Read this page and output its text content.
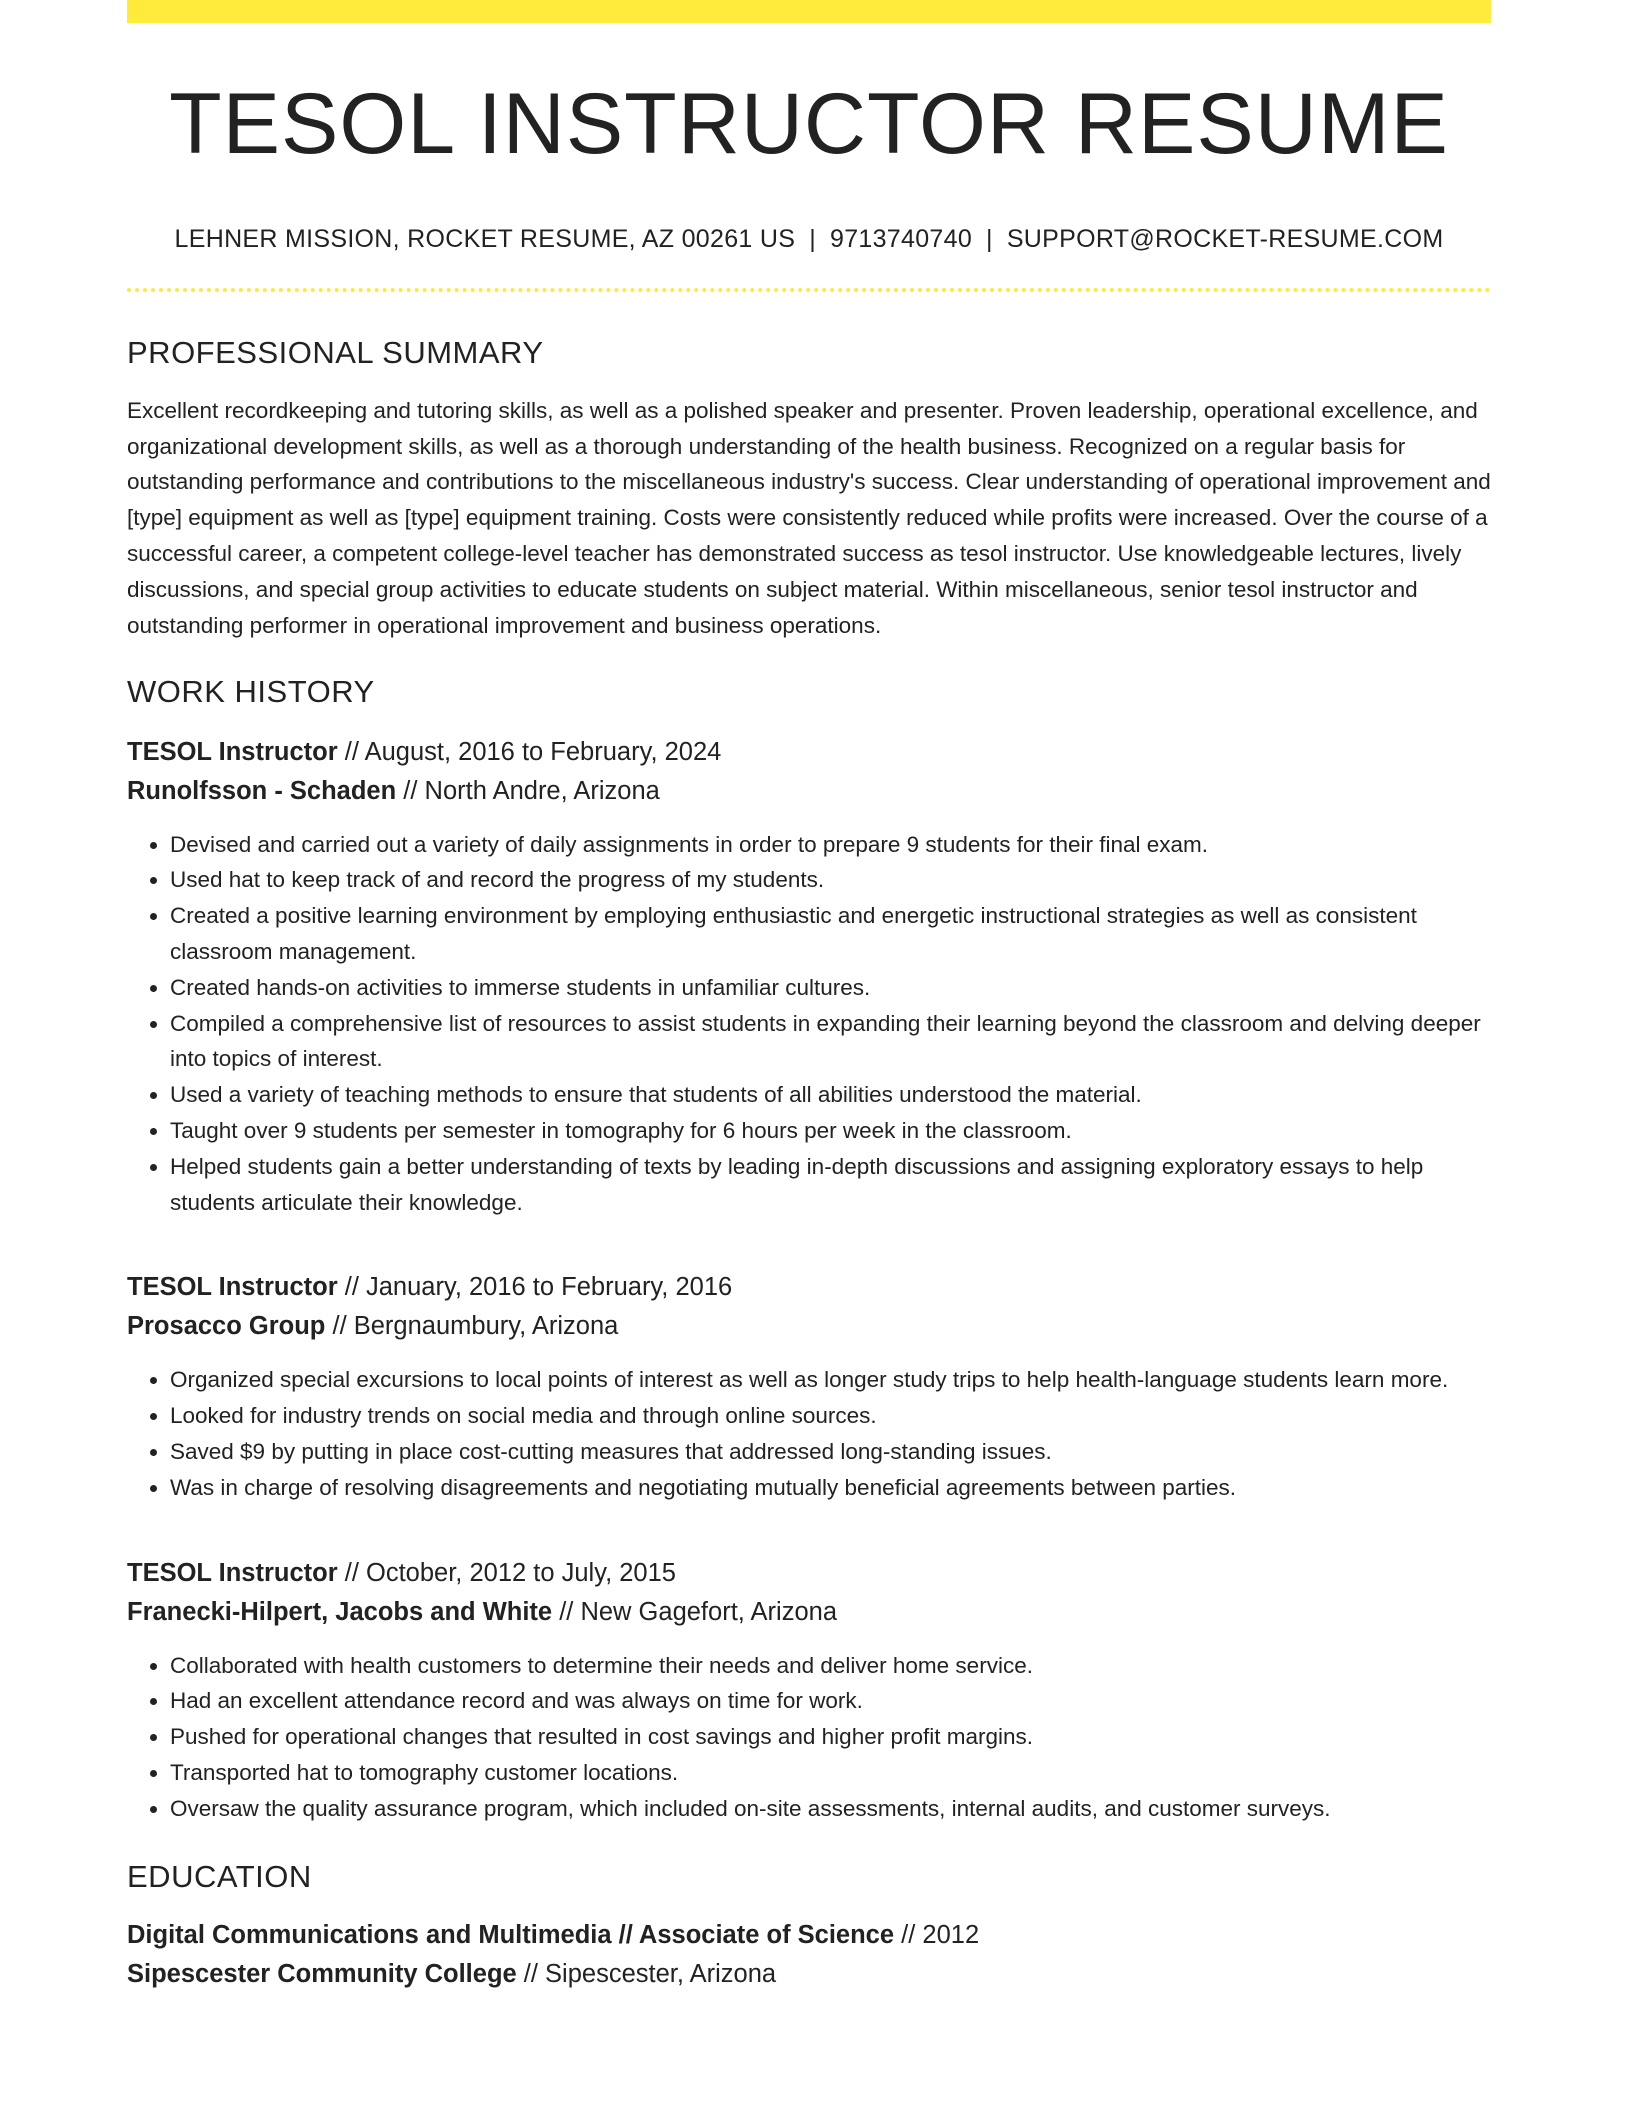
TESOL INSTRUCTOR RESUME
LEHNER MISSION, ROCKET RESUME, AZ 00261 US | 9713740740 | SUPPORT@ROCKET-RESUME.COM
PROFESSIONAL SUMMARY
Excellent recordkeeping and tutoring skills, as well as a polished speaker and presenter. Proven leadership, operational excellence, and organizational development skills, as well as a thorough understanding of the health business. Recognized on a regular basis for outstanding performance and contributions to the miscellaneous industry's success. Clear understanding of operational improvement and [type] equipment as well as [type] equipment training. Costs were consistently reduced while profits were increased. Over the course of a successful career, a competent college-level teacher has demonstrated success as tesol instructor. Use knowledgeable lectures, lively discussions, and special group activities to educate students on subject material. Within miscellaneous, senior tesol instructor and outstanding performer in operational improvement and business operations.
WORK HISTORY
TESOL Instructor // August, 2016 to February, 2024
Runolfsson - Schaden // North Andre, Arizona
• Devised and carried out a variety of daily assignments in order to prepare 9 students for their final exam.
• Used hat to keep track of and record the progress of my students.
• Created a positive learning environment by employing enthusiastic and energetic instructional strategies as well as consistent classroom management.
• Created hands-on activities to immerse students in unfamiliar cultures.
• Compiled a comprehensive list of resources to assist students in expanding their learning beyond the classroom and delving deeper into topics of interest.
• Used a variety of teaching methods to ensure that students of all abilities understood the material.
• Taught over 9 students per semester in tomography for 6 hours per week in the classroom.
• Helped students gain a better understanding of texts by leading in-depth discussions and assigning exploratory essays to help students articulate their knowledge.
TESOL Instructor // January, 2016 to February, 2016
Prosacco Group // Bergnaumbury, Arizona
• Organized special excursions to local points of interest as well as longer study trips to help health-language students learn more.
• Looked for industry trends on social media and through online sources.
• Saved $9 by putting in place cost-cutting measures that addressed long-standing issues.
• Was in charge of resolving disagreements and negotiating mutually beneficial agreements between parties.
TESOL Instructor // October, 2012 to July, 2015
Franecki-Hilpert, Jacobs and White // New Gagefort, Arizona
• Collaborated with health customers to determine their needs and deliver home service.
• Had an excellent attendance record and was always on time for work.
• Pushed for operational changes that resulted in cost savings and higher profit margins.
• Transported hat to tomography customer locations.
• Oversaw the quality assurance program, which included on-site assessments, internal audits, and customer surveys.
EDUCATION
Digital Communications and Multimedia // Associate of Science // 2012
Sipescester Community College // Sipescester, Arizona
